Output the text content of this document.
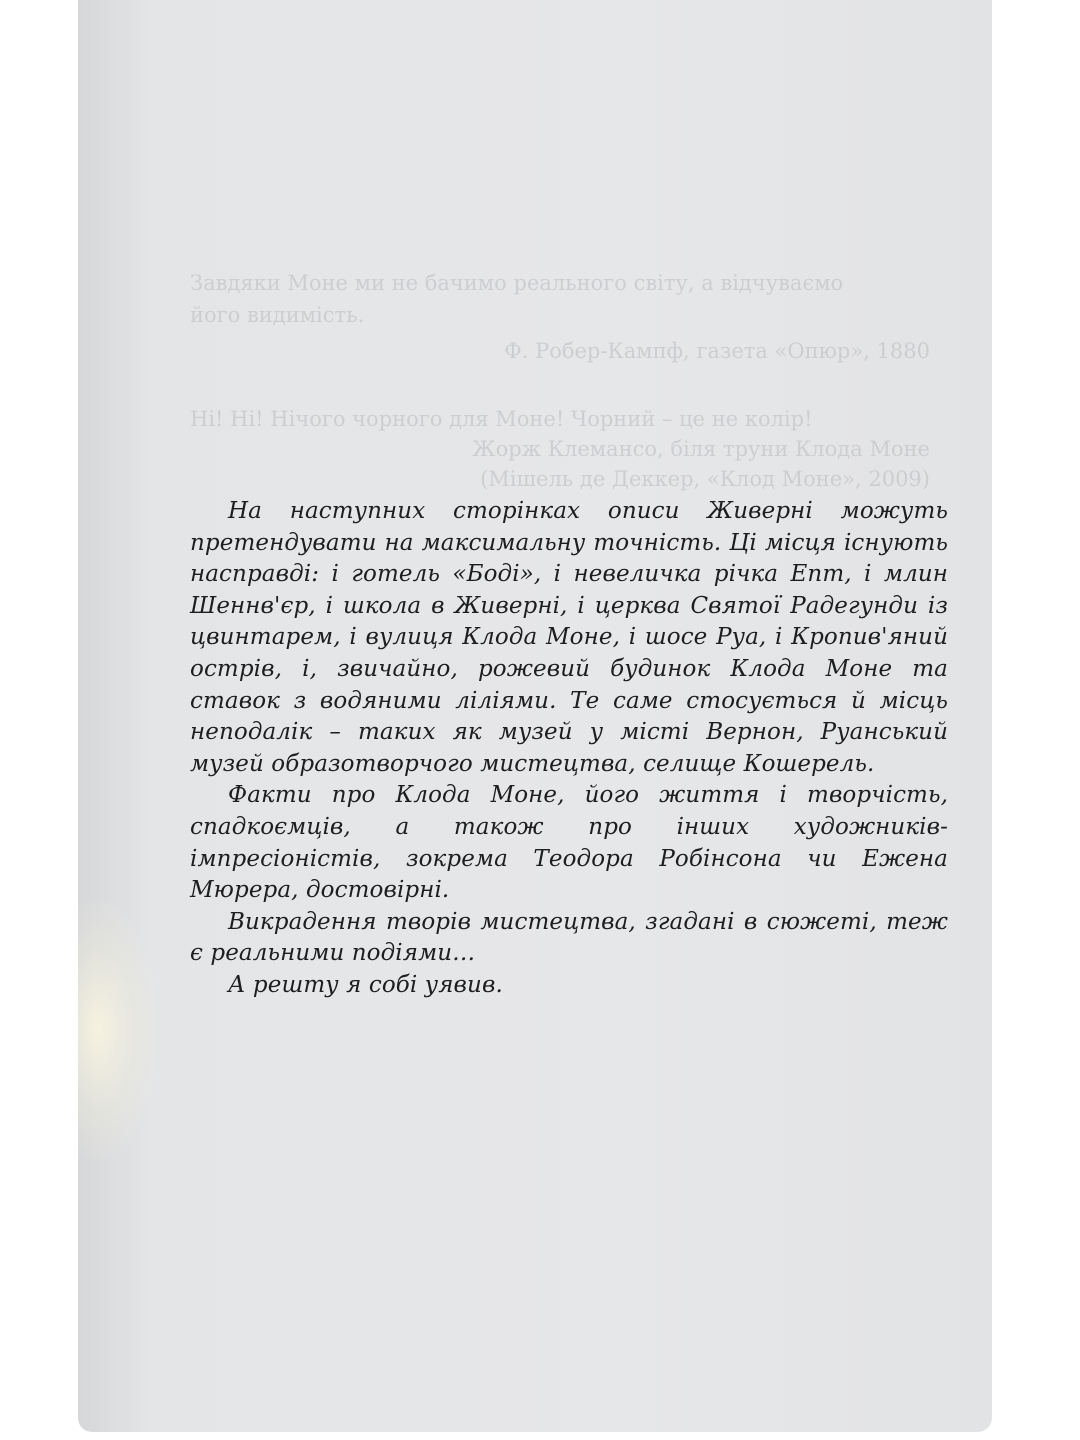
Завдяки Моне ми не бачимо реального світу, а відчуваємо
його видимість.
Ф. Робер-Кампф, газета «Опюр», 1880
Ні! Ні! Нічого чорного для Моне! Чорний – це не колір!
Жорж Клемансо, біля труни Клода Моне
(Мішель де Деккер, «Клод Моне», 2009)

На наступних сторінках описи Живерні можуть претендувати на максимальну точність. Ці місця існують насправді: і готель «Боді», і невеличка річка Епт, і млин Шеннв'єр, і школа в Живерні, і церква Святої Радегунди із цвинтарем, і вулиця Клода Моне, і шосе Руа, і Кропив'яний острів, і, звичайно, рожевий будинок Клода Моне та ставок з водяними ліліями. Те саме стосується й місць неподалік – таких як музей у місті Вернон, Руанський музей образотворчого мистецтва, селище Кошерель.

Факти про Клода Моне, його життя і творчість, спадкоємців, а також про інших художників-імпресіоністів, зокрема Теодора Робінсона чи Ежена Мюрера, достовірні.

Викрадення творів мистецтва, згадані в сюжеті, теж є реальними подіями…

А решту я собі уявив.
